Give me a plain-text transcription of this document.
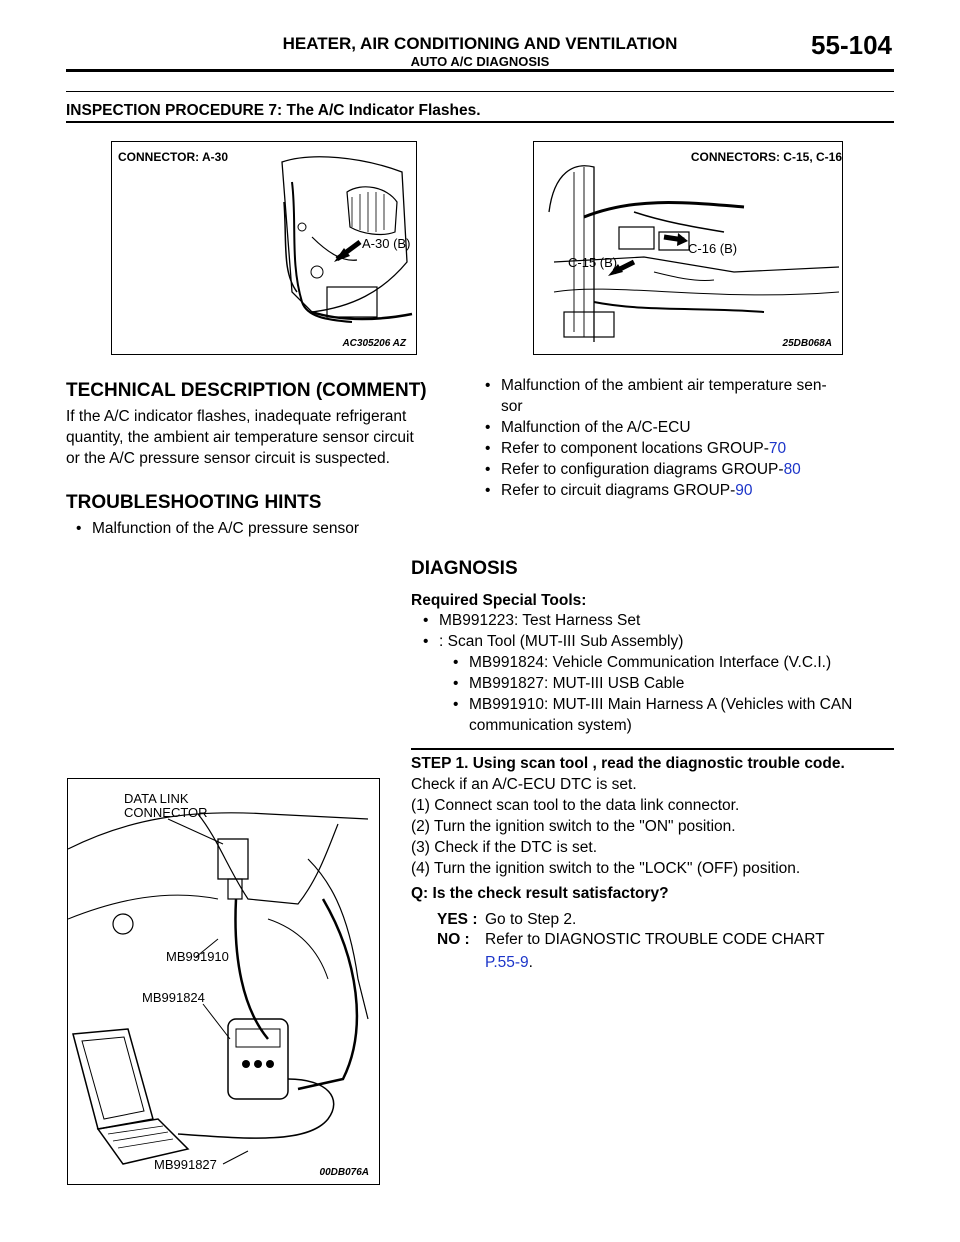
HEATER, AIR CONDITIONING AND VENTILATION
AUTO A/C DIAGNOSIS
55-104
INSPECTION PROCEDURE 7: The A/C Indicator Flashes.
CONNECTOR: A-30
A-30 (B)
AC305206 AZ
CONNECTORS: C-15, C-16
C-15 (B)
C-16 (B)
25DB068A
TECHNICAL DESCRIPTION (COMMENT)
If the A/C indicator flashes, inadequate refrigerant
quantity, the ambient air temperature sensor circuit
or the A/C pressure sensor circuit is suspected.
TROUBLESHOOTING HINTS
• Malfunction of the A/C pressure sensor
• Malfunction of the ambient air temperature sen-
sor
• Malfunction of the A/C-ECU
• Refer to component locations GROUP-70
• Refer to configuration diagrams GROUP-80
• Refer to circuit diagrams GROUP-90
DIAGNOSIS
Required Special Tools:
• MB991223: Test Harness Set
• : Scan Tool (MUT-III Sub Assembly)
• MB991824: Vehicle Communication Interface (V.C.I.)
• MB991827: MUT-III USB Cable
• MB991910: MUT-III Main Harness A (Vehicles with CAN
communication system)
STEP 1. Using scan tool , read the diagnostic trouble code.
Check if an A/C-ECU DTC is set.
(1) Connect scan tool to the data link connector.
(2) Turn the ignition switch to the "ON" position.
(3) Check if the DTC is set.
(4) Turn the ignition switch to the "LOCK" (OFF) position.
Q: Is the check result satisfactory?
YES : Go to Step 2.
NO : Refer to DIAGNOSTIC TROUBLE CODE CHART
P.55-9.
DATA LINK
CONNECTOR
MB991910
MB991824
MB991827
00DB076A
